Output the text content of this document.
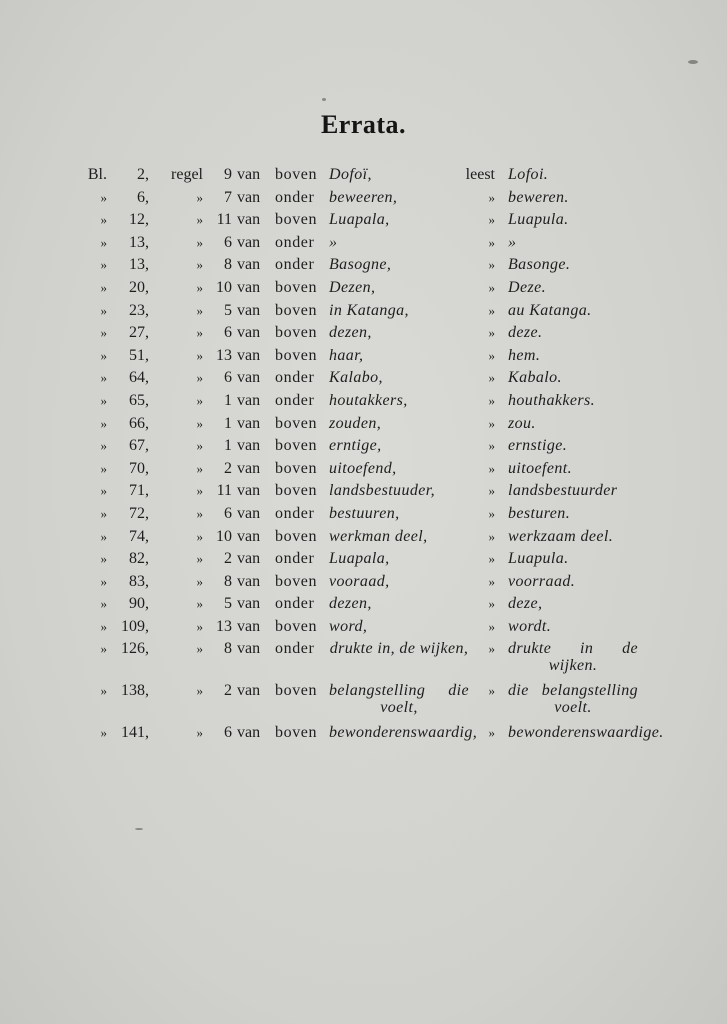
Errata.
Bl. 2, regel 9 van boven Dofoï,	leest Lofoi.
» 6,	» 7 van onder beweeren,	» beweren.
» 12,	» 11 van boven Luapala,	» Luapula.
» 13,	» 6 van onder »	» »
» 13,	» 8 van onder Basogne,	» Basonge.
» 20,	» 10 van boven Dezen,	» Deze.
» 23,	» 5 van boven in Katanga,	» au Katanga.
» 27,	» 6 van boven dezen,	» deze.
» 51,	» 13 van boven haar,	» hem.
» 64,	» 6 van onder Kalabo,	» Kabalo.
» 65,	» 1 van onder houtakkers,	» houthakkers.
» 66,	» 1 van boven zouden,	» zou.
» 67,	» 1 van boven erntige,	» ernstige.
» 70,	» 2 van boven uitoefend,	» uitoefent.
» 71,	» 11 van boven landsbestuuder,	» landsbestuurder
» 72,	» 6 van onder bestuuren,	» besturen.
» 74,	» 10 van boven werkman deel,	» werkzaam deel.
» 82,	» 2 van onder Luapala,	» Luapula.
» 83,	» 8 van boven vooraad,	» voorraad.
» 90,	» 5 van onder dezen,	» deze,
» 109,	» 13 van boven word,	» wordt.
» 126,	» 8 van onder drukte in, de wijken, » drukte in de wijken.
» 138,	» 2 van boven belangstelling die voelt,
» die belangstelling voelt.
» 141,	» 6 van boven bewonderenswaardig, » bewonderenswaardige.
